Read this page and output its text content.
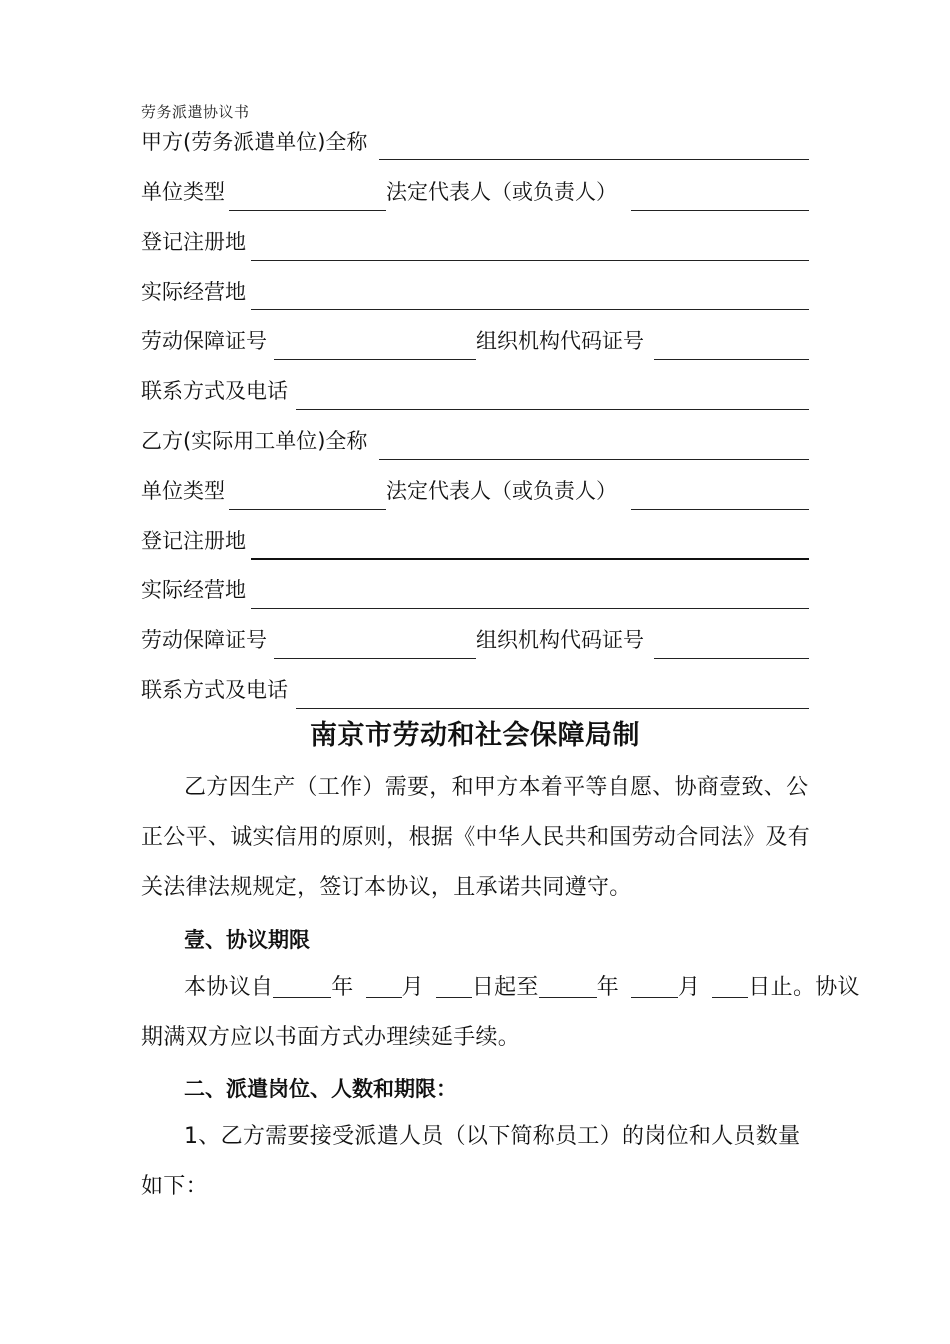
劳务派遣协议书
甲方(劳务派遣单位)全称
单位类型	法定代表人（或负责人）
登记注册地
实际经营地
劳动保障证号	组织机构代码证号
联系方式及电话
乙方(实际用工单位)全称
单位类型	法定代表人（或负责人）
登记注册地
实际经营地
劳动保障证号	组织机构代码证号
联系方式及电话
南京市劳动和社会保障局制
乙方因生产（工作）需要，和甲方本着平等自愿、协商壹致、公
正公平、诚实信用的原则，根据《中华人民共和国劳动合同法》及有
关法律法规规定，签订本协议，且承诺共同遵守。
壹、协议期限
本协议自	年 月 日起至	年	月 日止。协议
期满双方应以书面方式办理续延手续。
二、派遣岗位、人数和期限：
1、乙方需要接受派遣人员（以下简称员工）的岗位和人员数量
如下：
